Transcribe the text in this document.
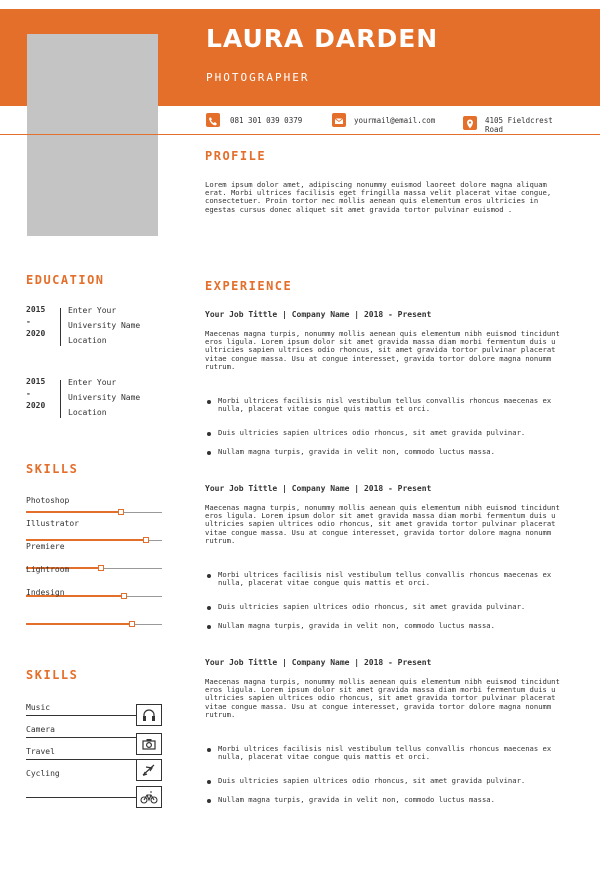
LAURA DARDEN
PHOTOGRAPHER
081 301 039 0379	yourmail@email.com	4105 Fieldcrest Road
PROFILE
Lorem ipsum dolor amet, adipiscing nonummy euismod laoreet dolore magna aliquam erat. Morbi ultrices facilisis eget fringilla massa velit placerat vitae congue, consectetuer. Proin tortor nec mollis aenean quis elementum eros ultricies in egestas cursus donec aliquet sit amet gravida tortor pulvinar euismod .
EDUCATION
2015
-
2020
Enter Your
University Name
Location
2015
-
2020
Enter Your
University Name
Location
SKILLS
Photoshop
Illustrator
Premiere
Lightroom
Indesign
SKILLS
Music
Camera
Travel
Cycling
EXPERIENCE
Your Job Tittle | Company Name | 2018 - Present
Maecenas magna turpis, nonummy mollis aenean quis elementum nibh euismod tincidunt eros ligula. Lorem ipsum dolor sit amet gravida massa diam morbi fermentum duis u ultricies sapien ultrices odio rhoncus, sit amet gravida tortor pulvinar placerat vitae congue massa. Usu at congue interesset, gravida tortor dolore magna nonumm rutrum.
Morbi ultrices facilisis nisl vestibulum tellus convallis rhoncus maecenas ex nulla, placerat vitae congue quis mattis et orci.
Duis ultricies sapien ultrices odio rhoncus, sit amet gravida pulvinar.
Nullam magna turpis, gravida in velit non, commodo luctus massa.
Your Job Tittle | Company Name | 2018 - Present
Maecenas magna turpis, nonummy mollis aenean quis elementum nibh euismod tincidunt eros ligula. Lorem ipsum dolor sit amet gravida massa diam morbi fermentum duis u ultricies sapien ultrices odio rhoncus, sit amet gravida tortor pulvinar placerat vitae congue massa. Usu at congue interesset, gravida tortor dolore magna nonumm rutrum.
Morbi ultrices facilisis nisl vestibulum tellus convallis rhoncus maecenas ex nulla, placerat vitae congue quis mattis et orci.
Duis ultricies sapien ultrices odio rhoncus, sit amet gravida pulvinar.
Nullam magna turpis, gravida in velit non, commodo luctus massa.
Your Job Tittle | Company Name | 2018 - Present
Maecenas magna turpis, nonummy mollis aenean quis elementum nibh euismod tincidunt eros ligula. Lorem ipsum dolor sit amet gravida massa diam morbi fermentum duis u ultricies sapien ultrices odio rhoncus, sit amet gravida tortor pulvinar placerat vitae congue massa. Usu at congue interesset, gravida tortor dolore magna nonumm rutrum.
Morbi ultrices facilisis nisl vestibulum tellus convallis rhoncus maecenas ex nulla, placerat vitae congue quis mattis et orci.
Duis ultricies sapien ultrices odio rhoncus, sit amet gravida pulvinar.
Nullam magna turpis, gravida in velit non, commodo luctus massa.
